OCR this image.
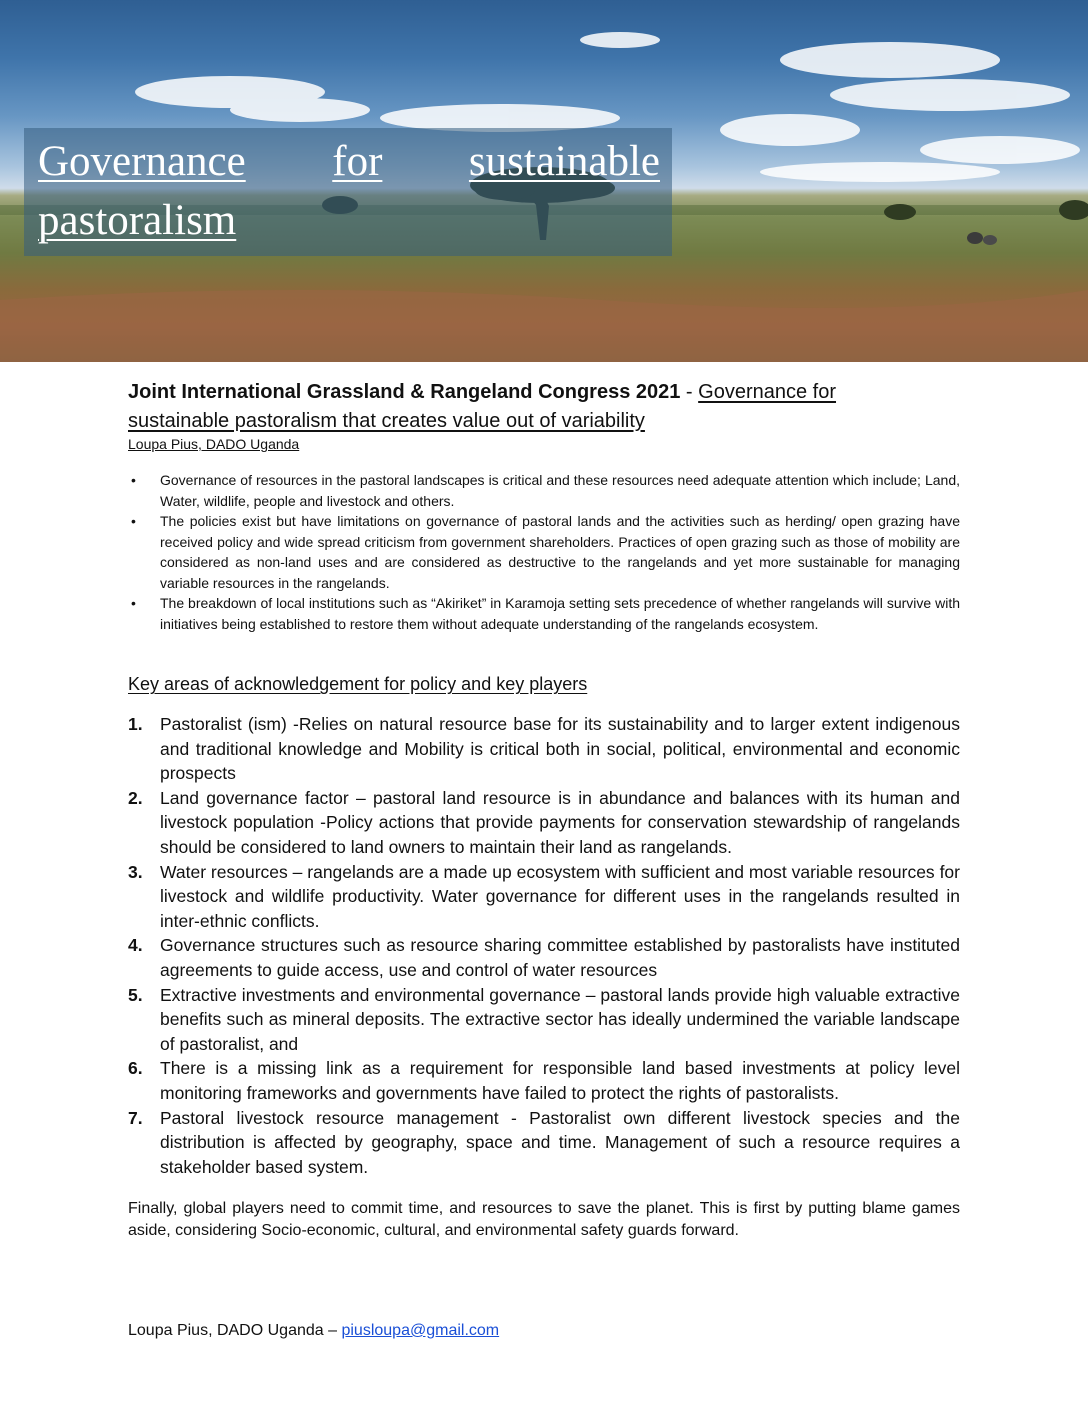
Governance for sustainable
pastoralism
Joint International Grassland & Rangeland Congress 2021 - Governance for
sustainable pastoralism that creates value out of variability
Loupa Pius, DADO Uganda
• Governance of resources in the pastoral landscapes is critical and these resources need adequate attention which include; Land, Water, wildlife, people and livestock and others.
• The policies exist but have limitations on governance of pastoral lands and the activities such as herding/ open grazing have received policy and wide spread criticism from government shareholders. Practices of open grazing such as those of mobility are considered as non-land uses and are considered as destructive to the rangelands and yet more sustainable for managing variable resources in the rangelands.
• The breakdown of local institutions such as “Akiriket” in Karamoja setting sets precedence of whether rangelands will survive with initiatives being established to restore them without adequate understanding of the rangelands ecosystem.
Key areas of acknowledgement for policy and key players
1. Pastoralist (ism) -Relies on natural resource base for its sustainability and to larger extent indigenous and traditional knowledge and Mobility is critical both in social, political, environmental and economic prospects
2. Land governance factor – pastoral land resource is in abundance and balances with its human and livestock population -Policy actions that provide payments for conservation stewardship of rangelands should be considered to land owners to maintain their land as rangelands.
3. Water resources – rangelands are a made up ecosystem with sufficient and most variable resources for livestock and wildlife productivity. Water governance for different uses in the rangelands resulted in inter-ethnic conflicts.
4. Governance structures such as resource sharing committee established by pastoralists have instituted agreements to guide access, use and control of water resources
5. Extractive investments and environmental governance – pastoral lands provide high valuable extractive benefits such as mineral deposits. The extractive sector has ideally undermined the variable landscape of pastoralist, and
6. There is a missing link as a requirement for responsible land based investments at policy level monitoring frameworks and governments have failed to protect the rights of pastoralists.
7. Pastoral livestock resource management - Pastoralist own different livestock species and the distribution is affected by geography, space and time. Management of such a resource requires a stakeholder based system.
Finally, global players need to commit time, and resources to save the planet. This is first by putting blame games aside, considering Socio-economic, cultural, and environmental safety guards forward.
Loupa Pius, DADO Uganda – piusloupa@gmail.com
